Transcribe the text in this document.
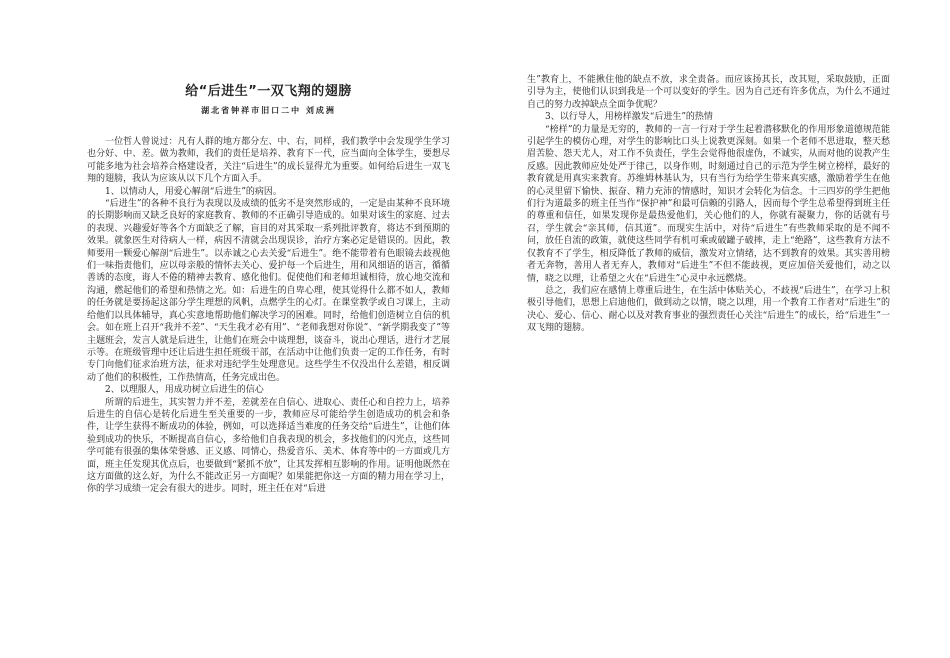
给“后进生”一双飞翔的翅膀
湖北省钟祥市旧口二中 刘成洲

一位哲人曾说过：凡有人群的地方都分左、中、右，同样，我们教学中会发现学生学习也分好、中、差。做为教师，我们的责任是培养、教育下一代，应当面向全体学生，要想尽可能多地为社会培养合格建设者，关注“后进生”的成长显得尤为重要。如何给后进生一双飞翔的翅膀，我认为应该从以下几个方面入手。

1、以情动人，用爱心解剖“后进生”的病因。

“后进生”的各种不良行为表现以及成绩的低劣不是突然形成的，一定是由某种不良环境的长期影响而又缺乏良好的家庭教育、教师的不正确引导造成的。如果对该生的家庭、过去的表现、兴趣爱好等各个方面缺乏了解，盲目的对其采取一系列批评教育，将达不到预期的效果。就象医生对待病人一样，病因不清就会出现误诊，治疗方案必定是错误的。因此，教师要用一颗爱心解剖“后进生”。以赤诚之心去关爱“后进生”。绝不能带着有色眼镜去歧视他们一味指责他们，应以母亲般的情怀去关心、爱护每一个后进生，用和风细语的语言，循循善诱的态度，诲人不倦的精神去教育、感化他们。促使他们和老师坦诚相待，放心地交流和沟通，燃起他们的希望和热情之光。如：后进生的自卑心理，使其觉得什么都不如人，教师的任务就是要扬起这部分学生理想的风帆，点燃学生的心灯。在课堂教学或自习课上，主动给他们以具体辅导，真心实意地帮助他们解决学习的困难。同时，给他们创造树立自信的机会。如在班上召开“我并不差”、“天生我才必有用”、“老师我想对你说”、“新学期我变了”等主题班会，发言人就是后进生，让他们在班会中谈理想，谈奋斗，说出心理话，进行才艺展示等。在班级管理中还让后进生担任班级干部，在活动中让他们负责一定的工作任务，有时专门向他们征求治班方法，征求对违纪学生处理意见。这些学生不仅没出什么差错，相反调动了他们的积极性，工作热情高，任务完成出色。

2、以理服人，用成功树立后进生的信心

所谓的后进生，其实智力并不差，差就差在自信心、进取心、责任心和自控力上，培养后进生的自信心是转化后进生至关重要的一步，教师应尽可能给学生创造成功的机会和条件，让学生获得不断成功的体验，例如，可以选择适当难度的任务交给“后进生”，让他们体验到成功的快乐，不断提高自信心，多给他们自我表现的机会，多找他们的闪光点，这些同学可能有很强的集体荣誉感、正义感、同情心，热爱音乐、美术、体育等中的一方面或几方面，班主任发现其优点后，也要做到“紧抓不放”，让其发挥相互影响的作用。证明他既然在这方面做的这么好，为什么不能改正另一方面呢？如果能把你这一方面的精力用在学习上，你的学习成绩一定会有很大的进步。同时，班主任在对“后进

生”教育上，不能揪住他的缺点不放，求全责备。而应该扬其长，改其短，采取鼓励，正面引导为主，使他们认识到我是一个可以变好的学生。因为自己还有许多优点，为什么不通过自己的努力改掉缺点全面争优呢？

3、以行导人，用榜样激发“后进生”的热情

“榜样”的力量是无穷的，教师的一言一行对于学生起着潜移默化的作用形象道德规范能引起学生的模仿心理，对学生的影响比口头上说教更深刻。如果一个老师不思进取，整天愁眉苦脸、怨天尤人，对工作不负责任，学生会觉得他很虚伪，不诚实，从而对他的说教产生反感。因此教师应处处严于律己，以身作则，时刻通过自己的示范为学生树立榜样，最好的教育就是用真实来教育。苏维姆林基认为，只有当行为给学生带来真实感，激励着学生在他的心灵里留下愉快、振奋、精力充沛的情感时，知识才会转化为信念。十三四岁的学生把他们行为道最多的班主任当作“保护神”和最可信赖的引路人，因而每个学生总希望得到班主任的尊重和信任，如果发现你是最热爱他们，关心他们的人，你就有凝聚力，你的话就有号召，学生就会“亲其师，信其道”。而现实生活中，对待“后进生”有些教师采取的是不闻不问，放任自流的政策，就使这些同学有机可乘或破罐子破摔，走上“绝路”，这些教育方法不仅教育不了学生，相反降低了教师的威信，激发对立情绪，达不到教育的效果。其实善用榜者无奔物，善用人者无弃人，教师对“后进生”不但不能歧视，更应加倍关爱他们，动之以情，晓之以理，让希望之火在“后进生”心灵中永远燃烧。

总之，我们应在感情上尊重后进生，在生活中体贴关心，不歧视“后进生”，在学习上积极引导他们，思想上启迪他们，做到动之以情，晓之以理，用一个教育工作者对“后进生”的决心、爱心、信心、耐心以及对教育事业的强烈责任心关注“后进生”的成长，给“后进生”一双飞翔的翅膀。
